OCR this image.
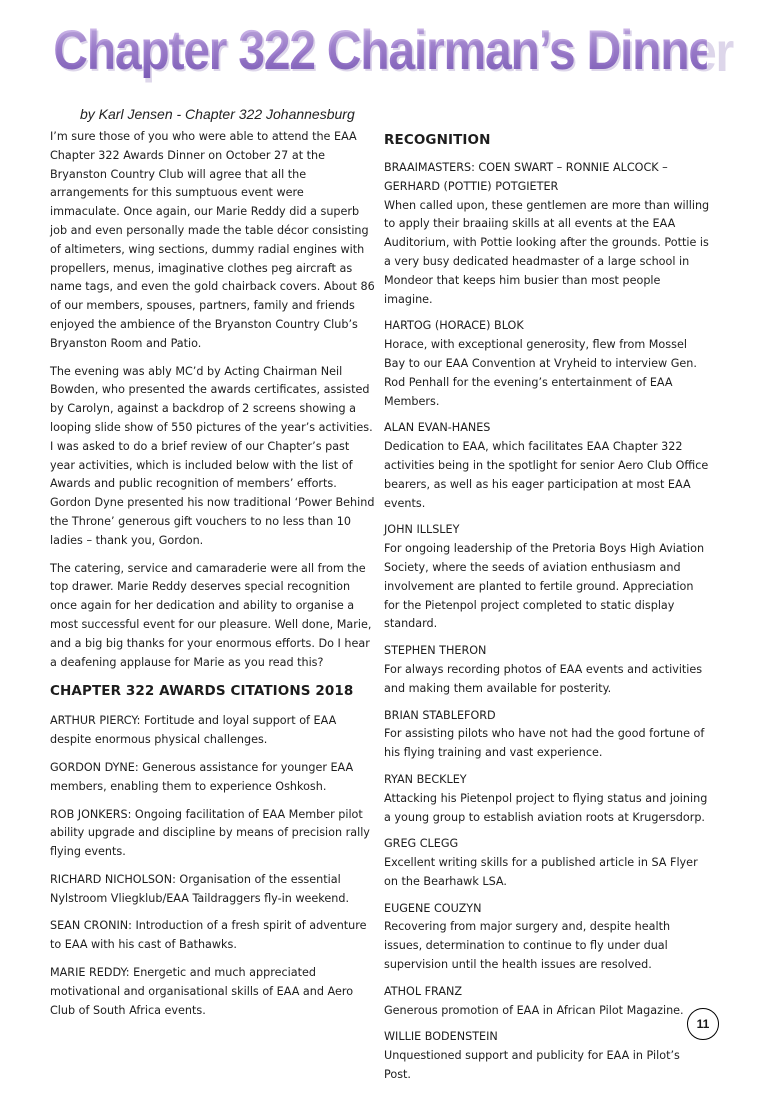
Chapter 322 Chairman’s Dinner
by Karl Jensen - Chapter 322 Johannesburg

I’m sure those of you who were able to attend the EAA Chapter 322 Awards Dinner on October 27 at the Bryanston Country Club will agree that all the arrangements for this sumptuous event were immaculate. Once again, our Marie Reddy did a superb job and even personally made the table décor consisting of altimeters, wing sections, dummy radial engines with propellers, menus, imaginative clothes peg aircraft as name tags, and even the gold chairback covers. About 86 of our members, spouses, partners, family and friends enjoyed the ambience of the Bryanston Country Club’s Bryanston Room and Patio.

The evening was ably MC’d by Acting Chairman Neil Bowden, who presented the awards certificates, assisted by Carolyn, against a backdrop of 2 screens showing a looping slide show of 550 pictures of the year’s activities. I was asked to do a brief review of our Chapter’s past year activities, which is included below with the list of Awards and public recognition of members’ efforts. Gordon Dyne presented his now traditional ‘Power Behind the Throne’ generous gift vouchers to no less than 10 ladies – thank you, Gordon.

The catering, service and camaraderie were all from the top drawer. Marie Reddy deserves special recognition once again for her dedication and ability to organise a most successful event for our pleasure. Well done, Marie, and a big big thanks for your enormous efforts. Do I hear a deafening applause for Marie as you read this?

CHAPTER 322 AWARDS CITATIONS 2018

ARTHUR PIERCY: Fortitude and loyal support of EAA despite enormous physical challenges.

GORDON DYNE: Generous assistance for younger EAA members, enabling them to experience Oshkosh.

ROB JONKERS: Ongoing facilitation of EAA Member pilot ability upgrade and discipline by means of precision rally flying events.

RICHARD NICHOLSON: Organisation of the essential Nylstroom Vliegklub/EAA Taildraggers fly-in weekend.

SEAN CRONIN: Introduction of a fresh spirit of adventure to EAA with his cast of Bathawks.

MARIE REDDY: Energetic and much appreciated motivational and organisational skills of EAA and Aero Club of South Africa events.

RECOGNITION
BRAAIMASTERS: COEN SWART – RONNIE ALCOCK – GERHARD (POTTIE) POTGIETER
When called upon, these gentlemen are more than willing to apply their braaiing skills at all events at the EAA Auditorium, with Pottie looking after the grounds. Pottie is a very busy dedicated headmaster of a large school in Mondeor that keeps him busier than most people imagine.
HARTOG (HORACE) BLOK
Horace, with exceptional generosity, flew from Mossel Bay to our EAA Convention at Vryheid to interview Gen. Rod Penhall for the evening’s entertainment of EAA Members.
ALAN EVAN-HANES
Dedication to EAA, which facilitates EAA Chapter 322 activities being in the spotlight for senior Aero Club Office bearers, as well as his eager participation at most EAA events.
JOHN ILLSLEY
For ongoing leadership of the Pretoria Boys High Aviation Society, where the seeds of aviation enthusiasm and involvement are planted to fertile ground. Appreciation for the Pietenpol project completed to static display standard.
STEPHEN THERON
For always recording photos of EAA events and activities and making them available for posterity.
BRIAN STABLEFORD
For assisting pilots who have not had the good fortune of his flying training and vast experience.
RYAN BECKLEY
Attacking his Pietenpol project to flying status and joining a young group to establish aviation roots at Krugersdorp.
GREG CLEGG
Excellent writing skills for a published article in SA Flyer on the Bearhawk LSA.
EUGENE COUZYN
Recovering from major surgery and, despite health issues, determination to continue to fly under dual supervision until the health issues are resolved.
ATHOL FRANZ
Generous promotion of EAA in African Pilot Magazine.
WILLIE BODENSTEIN
Unquestioned support and publicity for EAA in Pilot’s Post.
11
